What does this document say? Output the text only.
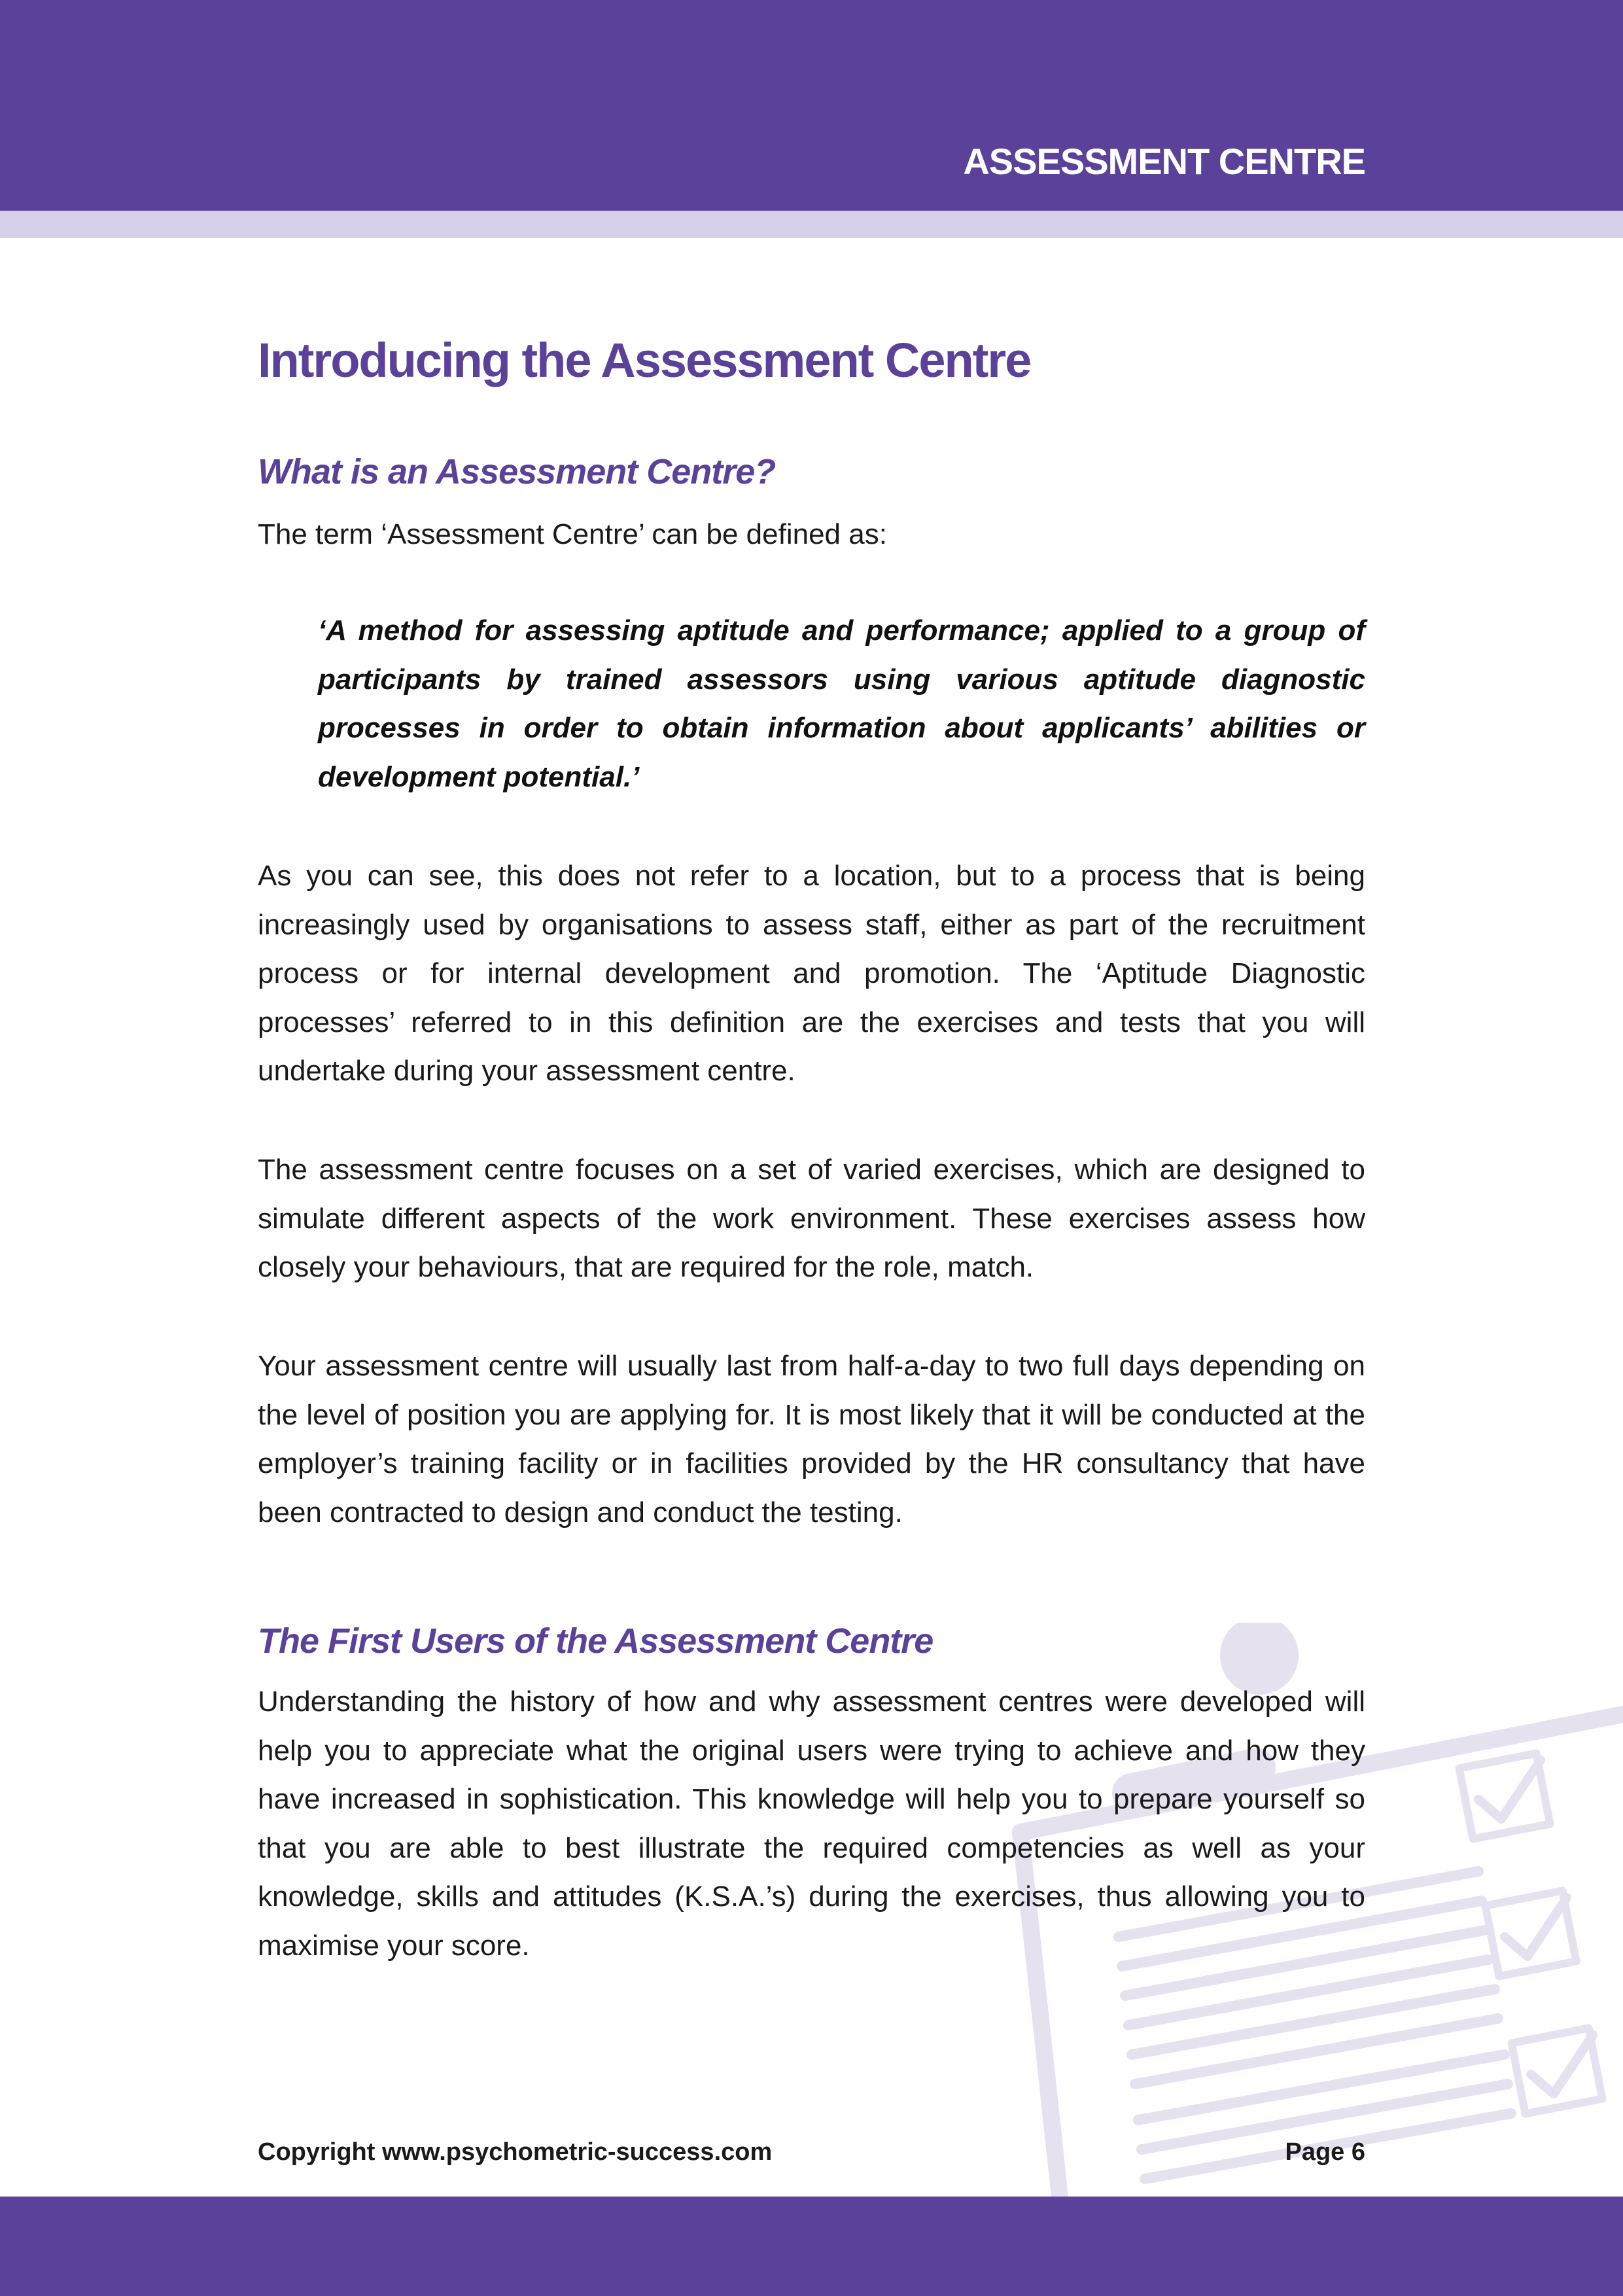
ASSESSMENT CENTRE
Introducing the Assessment Centre
What is an Assessment Centre?

The term ‘Assessment Centre’ can be defined as:

‘A method for assessing aptitude and performance; applied to a group of participants by trained assessors using various aptitude diagnostic processes in order to obtain information about applicants’ abilities or development potential.’

As you can see, this does not refer to a location, but to a process that is being increasingly used by organisations to assess staff, either as part of the recruitment process or for internal development and promotion. The ‘Aptitude Diagnostic processes’ referred to in this definition are the exercises and tests that you will undertake during your assessment centre.

The assessment centre focuses on a set of varied exercises, which are designed to simulate different aspects of the work environment. These exercises assess how closely your behaviours, that are required for the role, match.

Your assessment centre will usually last from half-a-day to two full days depending on the level of position you are applying for. It is most likely that it will be conducted at the employer’s training facility or in facilities provided by the HR consultancy that have been contracted to design and conduct the testing.

The First Users of the Assessment Centre

Understanding the history of how and why assessment centres were developed will help you to appreciate what the original users were trying to achieve and how they have increased in sophistication. This knowledge will help you to prepare yourself so that you are able to best illustrate the required competencies as well as your knowledge, skills and attitudes (K.S.A.’s) during the exercises, thus allowing you to maximise your score.

Copyright www.psychometric-success.com	Page 6
